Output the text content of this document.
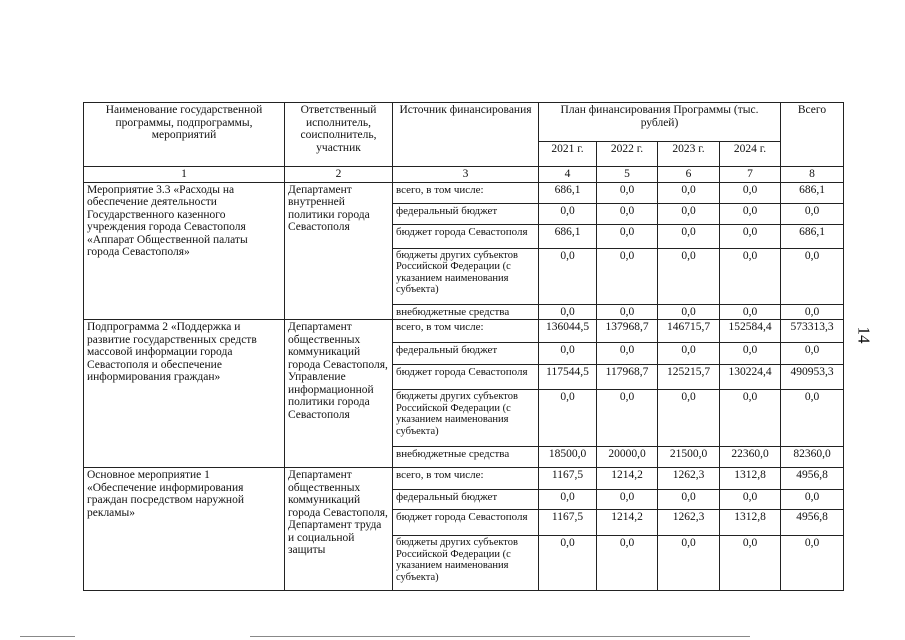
Наименование государственной программы, подпрограммы, мероприятий	Ответственный исполнитель, соисполнитель, участник	Источник финансирования	План финансирования Программы (тыс. рублей)				Всего
			2021 г.	2022 г.	2023 г.	2024 г.	
1	2	3	4	5	6	7	8
Мероприятие 3.3 «Расходы на обеспечение деятельности Государственного казенного учреждения города Севастополя «Аппарат Общественной палаты города Севастополя»	Департамент внутренней политики города Севастополя	всего, в том числе:	686,1	0,0	0,0	0,0	686,1
		федеральный бюджет	0,0	0,0	0,0	0,0	0,0
		бюджет города Севастополя	686,1	0,0	0,0	0,0	686,1
		бюджеты других субъектов Российской Федерации (с указанием наименования субъекта)	0,0	0,0	0,0	0,0	0,0
		внебюджетные средства	0,0	0,0	0,0	0,0	0,0
Подпрограмма 2 «Поддержка и развитие государственных средств массовой информации города Севастополя и обеспечение информирования граждан»	Департамент общественных коммуникаций города Севастополя, Управление информационной политики города Севастополя	всего, в том числе:	136044,5	137968,7	146715,7	152584,4	573313,3
		федеральный бюджет	0,0	0,0	0,0	0,0	0,0
		бюджет города Севастополя	117544,5	117968,7	125215,7	130224,4	490953,3
		бюджеты других субъектов Российской Федерации (с указанием наименования субъекта)	0,0	0,0	0,0	0,0	0,0
		внебюджетные средства	18500,0	20000,0	21500,0	22360,0	82360,0
Основное мероприятие 1 «Обеспечение информирования граждан посредством наружной рекламы»	Департамент общественных коммуникаций города Севастополя, Департамент труда и социальной защиты	всего, в том числе:	1167,5	1214,2	1262,3	1312,8	4956,8
		федеральный бюджет	0,0	0,0	0,0	0,0	0,0
		бюджет города Севастополя	1167,5	1214,2	1262,3	1312,8	4956,8
		бюджеты других субъектов Российской Федерации (с указанием наименования субъекта)	0,0	0,0	0,0	0,0	0,0
14
